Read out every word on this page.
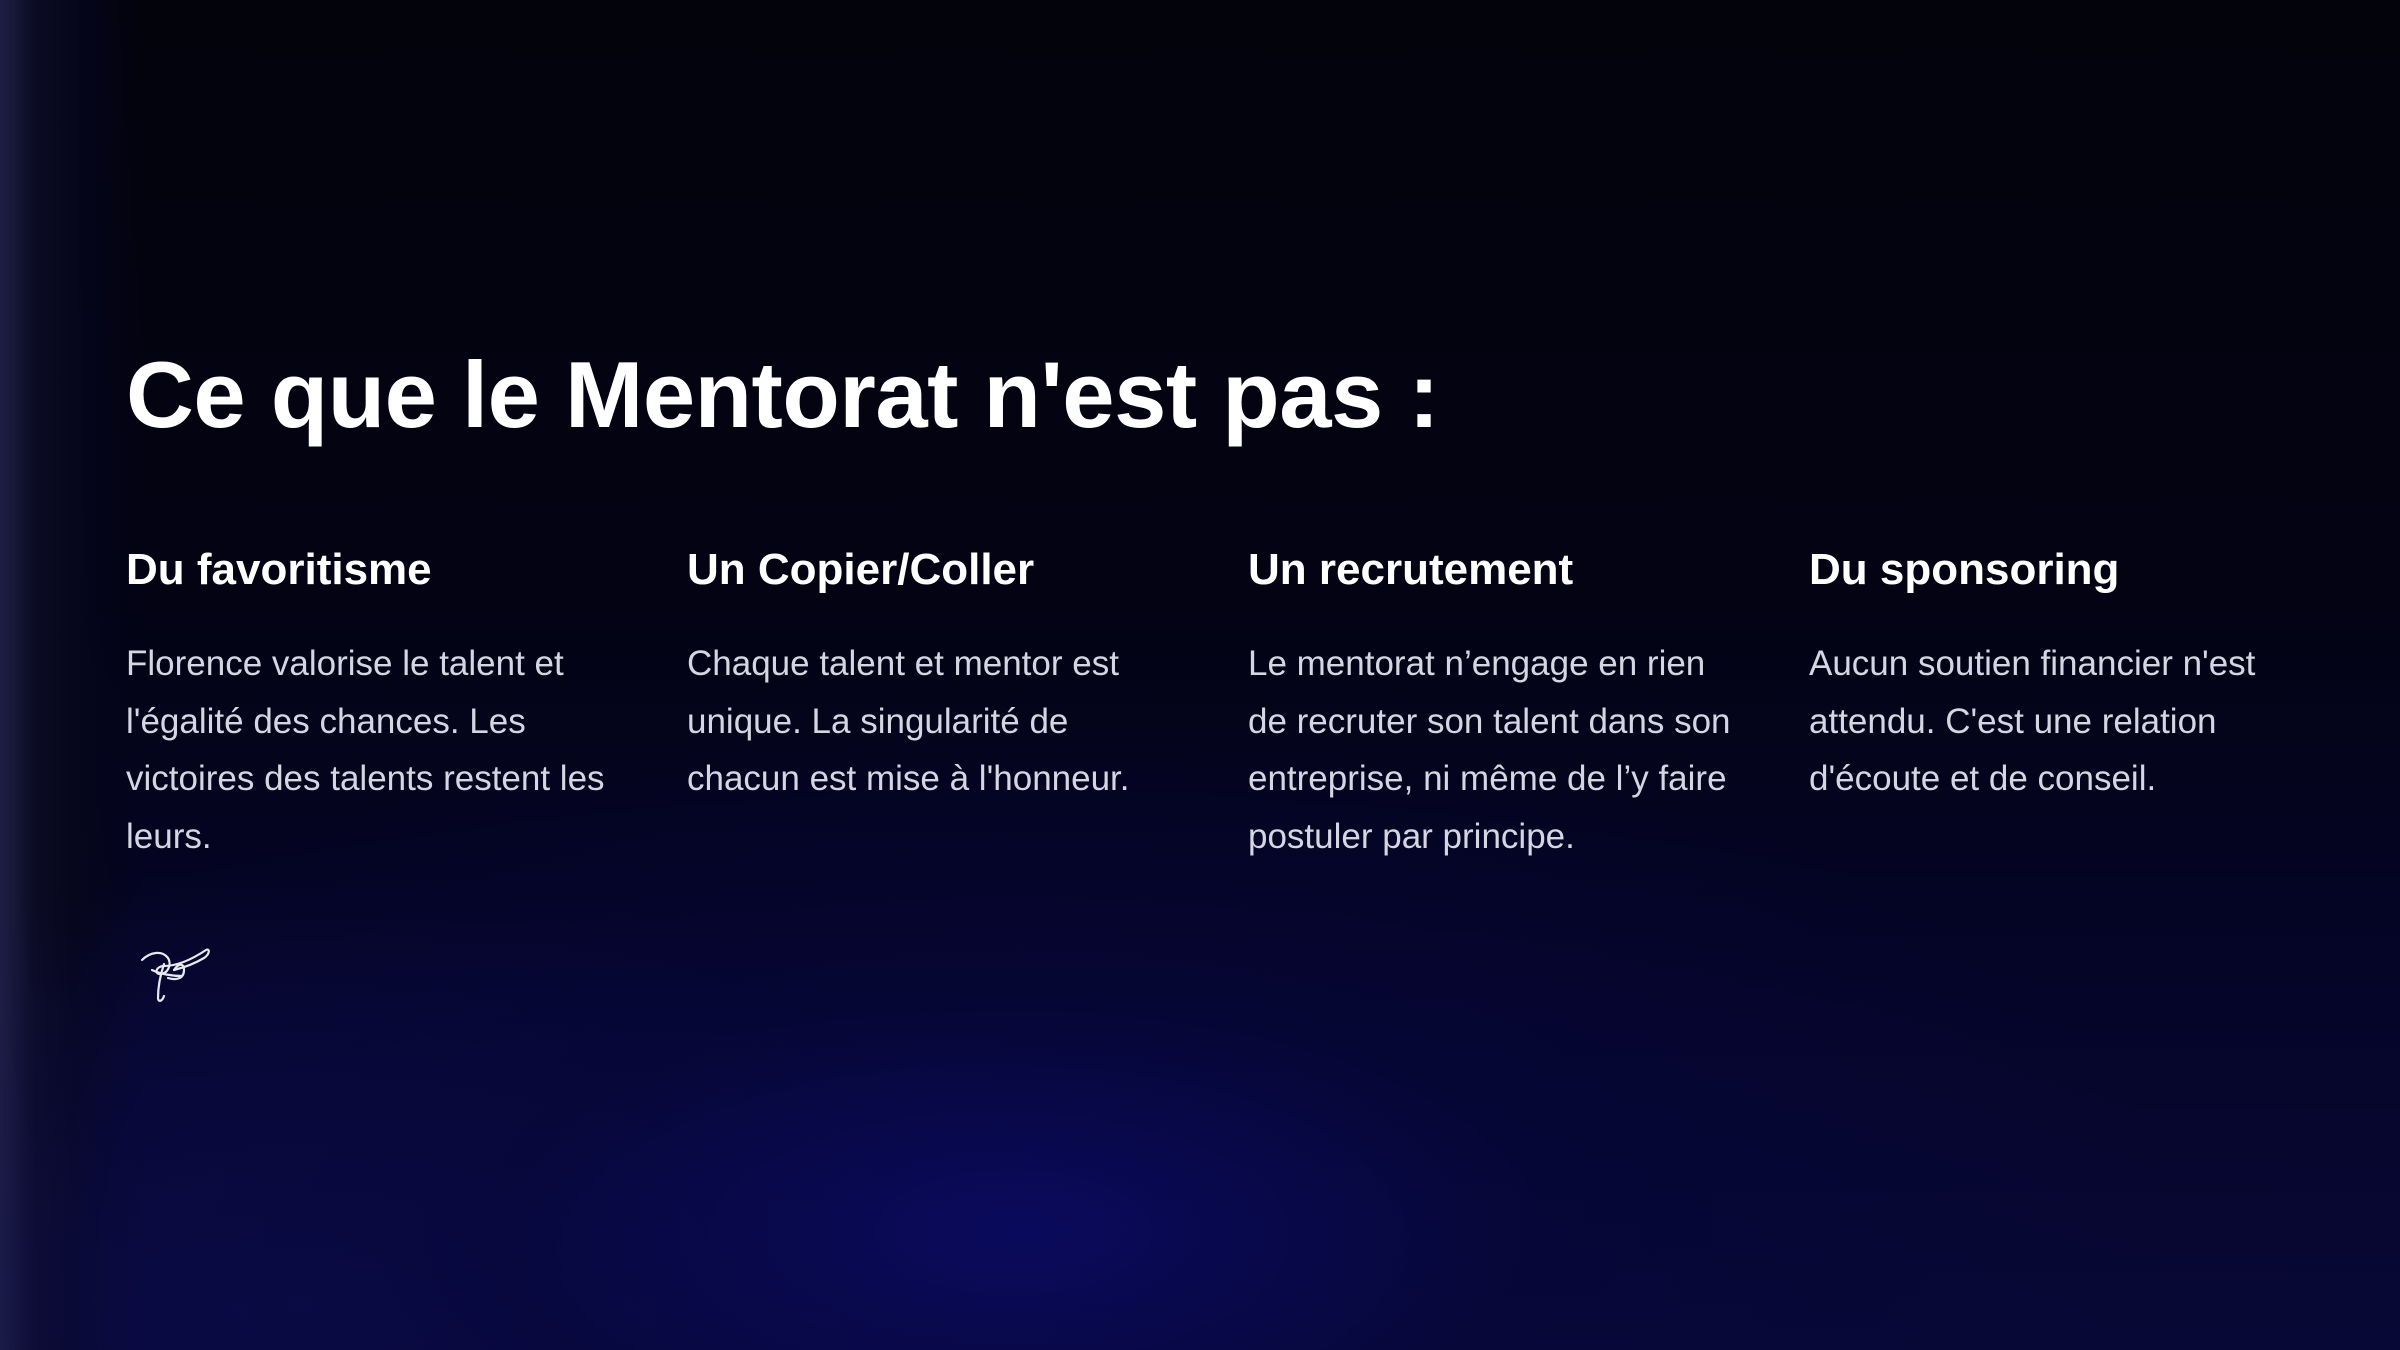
Ce que le Mentorat n'est pas :
Du favoritisme

Florence valorise le talent et l'égalité des chances. Les victoires des talents restent les leurs.

Un Copier/Coller

Chaque talent et mentor est unique. La singularité de chacun est mise à l'honneur.

Un recrutement

Le mentorat n’engage en rien de recruter son talent dans son entreprise, ni même de l’y faire postuler par principe.

Du sponsoring

Aucun soutien financier n'est attendu. C'est une relation d'écoute et de conseil.
